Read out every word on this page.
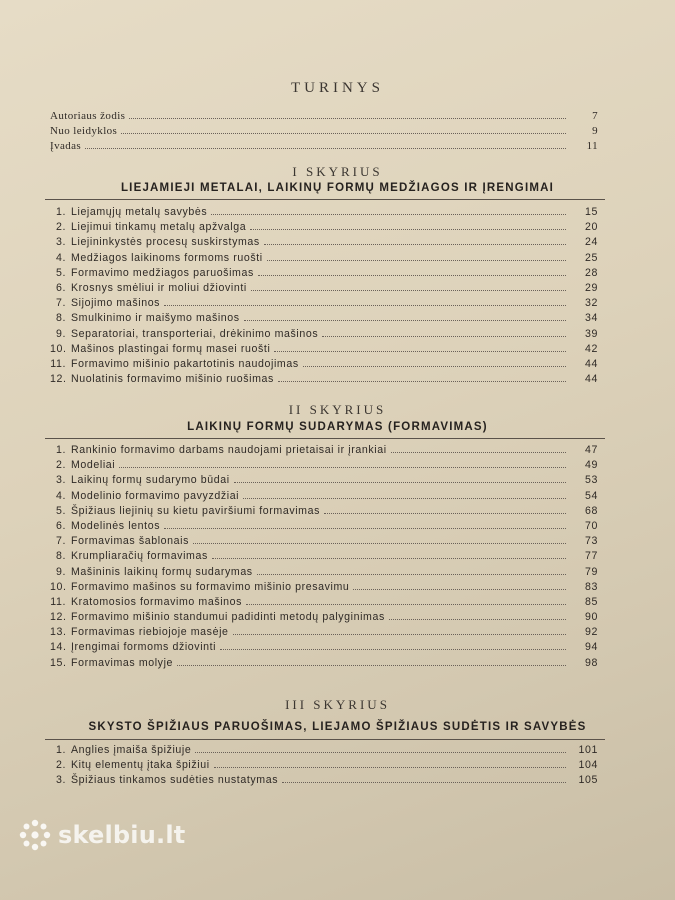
TURINYS
Autoriaus žodis	7
Nuo leidyklos	9
Įvadas	11
I SKYRIUS
LIEJAMIEJI METALAI, LAIKINŲ FORMŲ MEDŽIAGOS IR ĮRENGIMAI
1. Liejamųjų metalų savybės	15
2. Liejimui tinkamų metalų apžvalga	20
3. Liejininkystės procesų suskirstymas	24
4. Medžiagos laikinoms formoms ruošti	25
5. Formavimo medžiagos paruošimas	28
6. Krosnys smėliui ir moliui džiovinti	29
7. Sijojimo mašinos	32
8. Smulkinimo ir maišymo mašinos	34
9. Separatoriai, transporteriai, drėkinimo mašinos	39
10. Mašinos plastingai formų masei ruošti	42
11. Formavimo mišinio pakartotinis naudojimas	44
12. Nuolatinis formavimo mišinio ruošimas	44
II SKYRIUS
LAIKINŲ FORMŲ SUDARYMAS (FORMAVIMAS)
1. Rankinio formavimo darbams naudojami prietaisai ir įrankiai	47
2. Modeliai	49
3. Laikinų formų sudarymo būdai	53
4. Modelinio formavimo pavyzdžiai	54
5. Špižiaus liejinių su kietu paviršiumi formavimas	68
6. Modelinės lentos	70
7. Formavimas šablonais	73
8. Krumpliaračių formavimas	77
9. Mašininis laikinų formų sudarymas	79
10. Formavimo mašinos su formavimo mišinio presavimu	83
11. Kratomosios formavimo mašinos	85
12. Formavimo mišinio standumui padidinti metodų palyginimas	90
13. Formavimas riebiojoje masėje	92
14. Įrengimai formoms džiovinti	94
15. Formavimas molyje	98
III SKYRIUS
SKYSTO ŠPIŽIAUS PARUOŠIMAS, LIEJAMO ŠPIŽIAUS SUDĖTIS IR SAVYBĖS
1. Anglies įmaiša špižiuje	101
2. Kitų elementų įtaka špižiui	104
3. Špižiaus tinkamos sudėties nustatymas	105
skelbiu.lt
